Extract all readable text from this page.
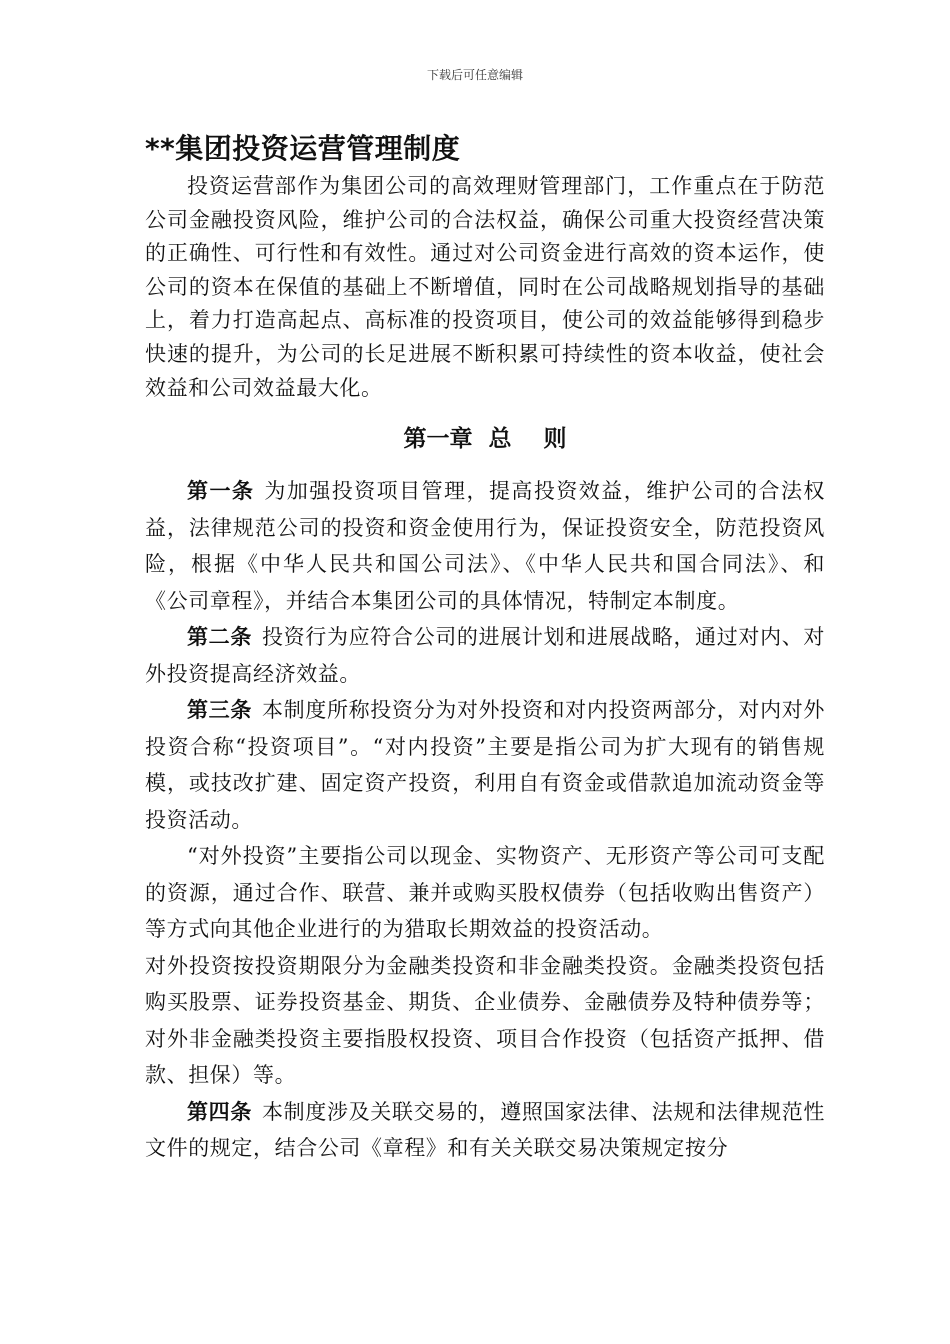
下载后可任意编辑
**集团投资运营管理制度

投资运营部作为集团公司的高效理财管理部门，工作重点在于防范公司金融投资风险，维护公司的合法权益，确保公司重大投资经营决策的正确性、可行性和有效性。通过对公司资金进行高效的资本运作，使公司的资本在保值的基础上不断增值，同时在公司战略规划指导的基础上，着力打造高起点、高标准的投资项目，使公司的效益能够得到稳步快速的提升，为公司的长足进展不断积累可持续性的资本收益，使社会效益和公司效益最大化。

第一章  总    则

第一条 为加强投资项目管理，提高投资效益，维护公司的合法权益，法律规范公司的投资和资金使用行为，保证投资安全，防范投资风险，根据《中华人民共和国公司法》、《中华人民共和国合同法》、和《公司章程》，并结合本集团公司的具体情况，特制定本制度。

第二条 投资行为应符合公司的进展计划和进展战略，通过对内、对外投资提高经济效益。

第三条 本制度所称投资分为对外投资和对内投资两部分，对内对外投资合称“投资项目”。“对内投资”主要是指公司为扩大现有的销售规模，或技改扩建、固定资产投资，利用自有资金或借款追加流动资金等投资活动。

“对外投资”主要指公司以现金、实物资产、无形资产等公司可支配的资源，通过合作、联营、兼并或购买股权债券（包括收购出售资产）等方式向其他企业进行的为猎取长期效益的投资活动。

对外投资按投资期限分为金融类投资和非金融类投资。金融类投资包括购买股票、证券投资基金、期货、企业债券、金融债券及特种债券等；对外非金融类投资主要指股权投资、项目合作投资（包括资产抵押、借款、担保）等。

第四条 本制度涉及关联交易的，遵照国家法律、法规和法律规范性文件的规定，结合公司《章程》和有关关联交易决策规定按分
